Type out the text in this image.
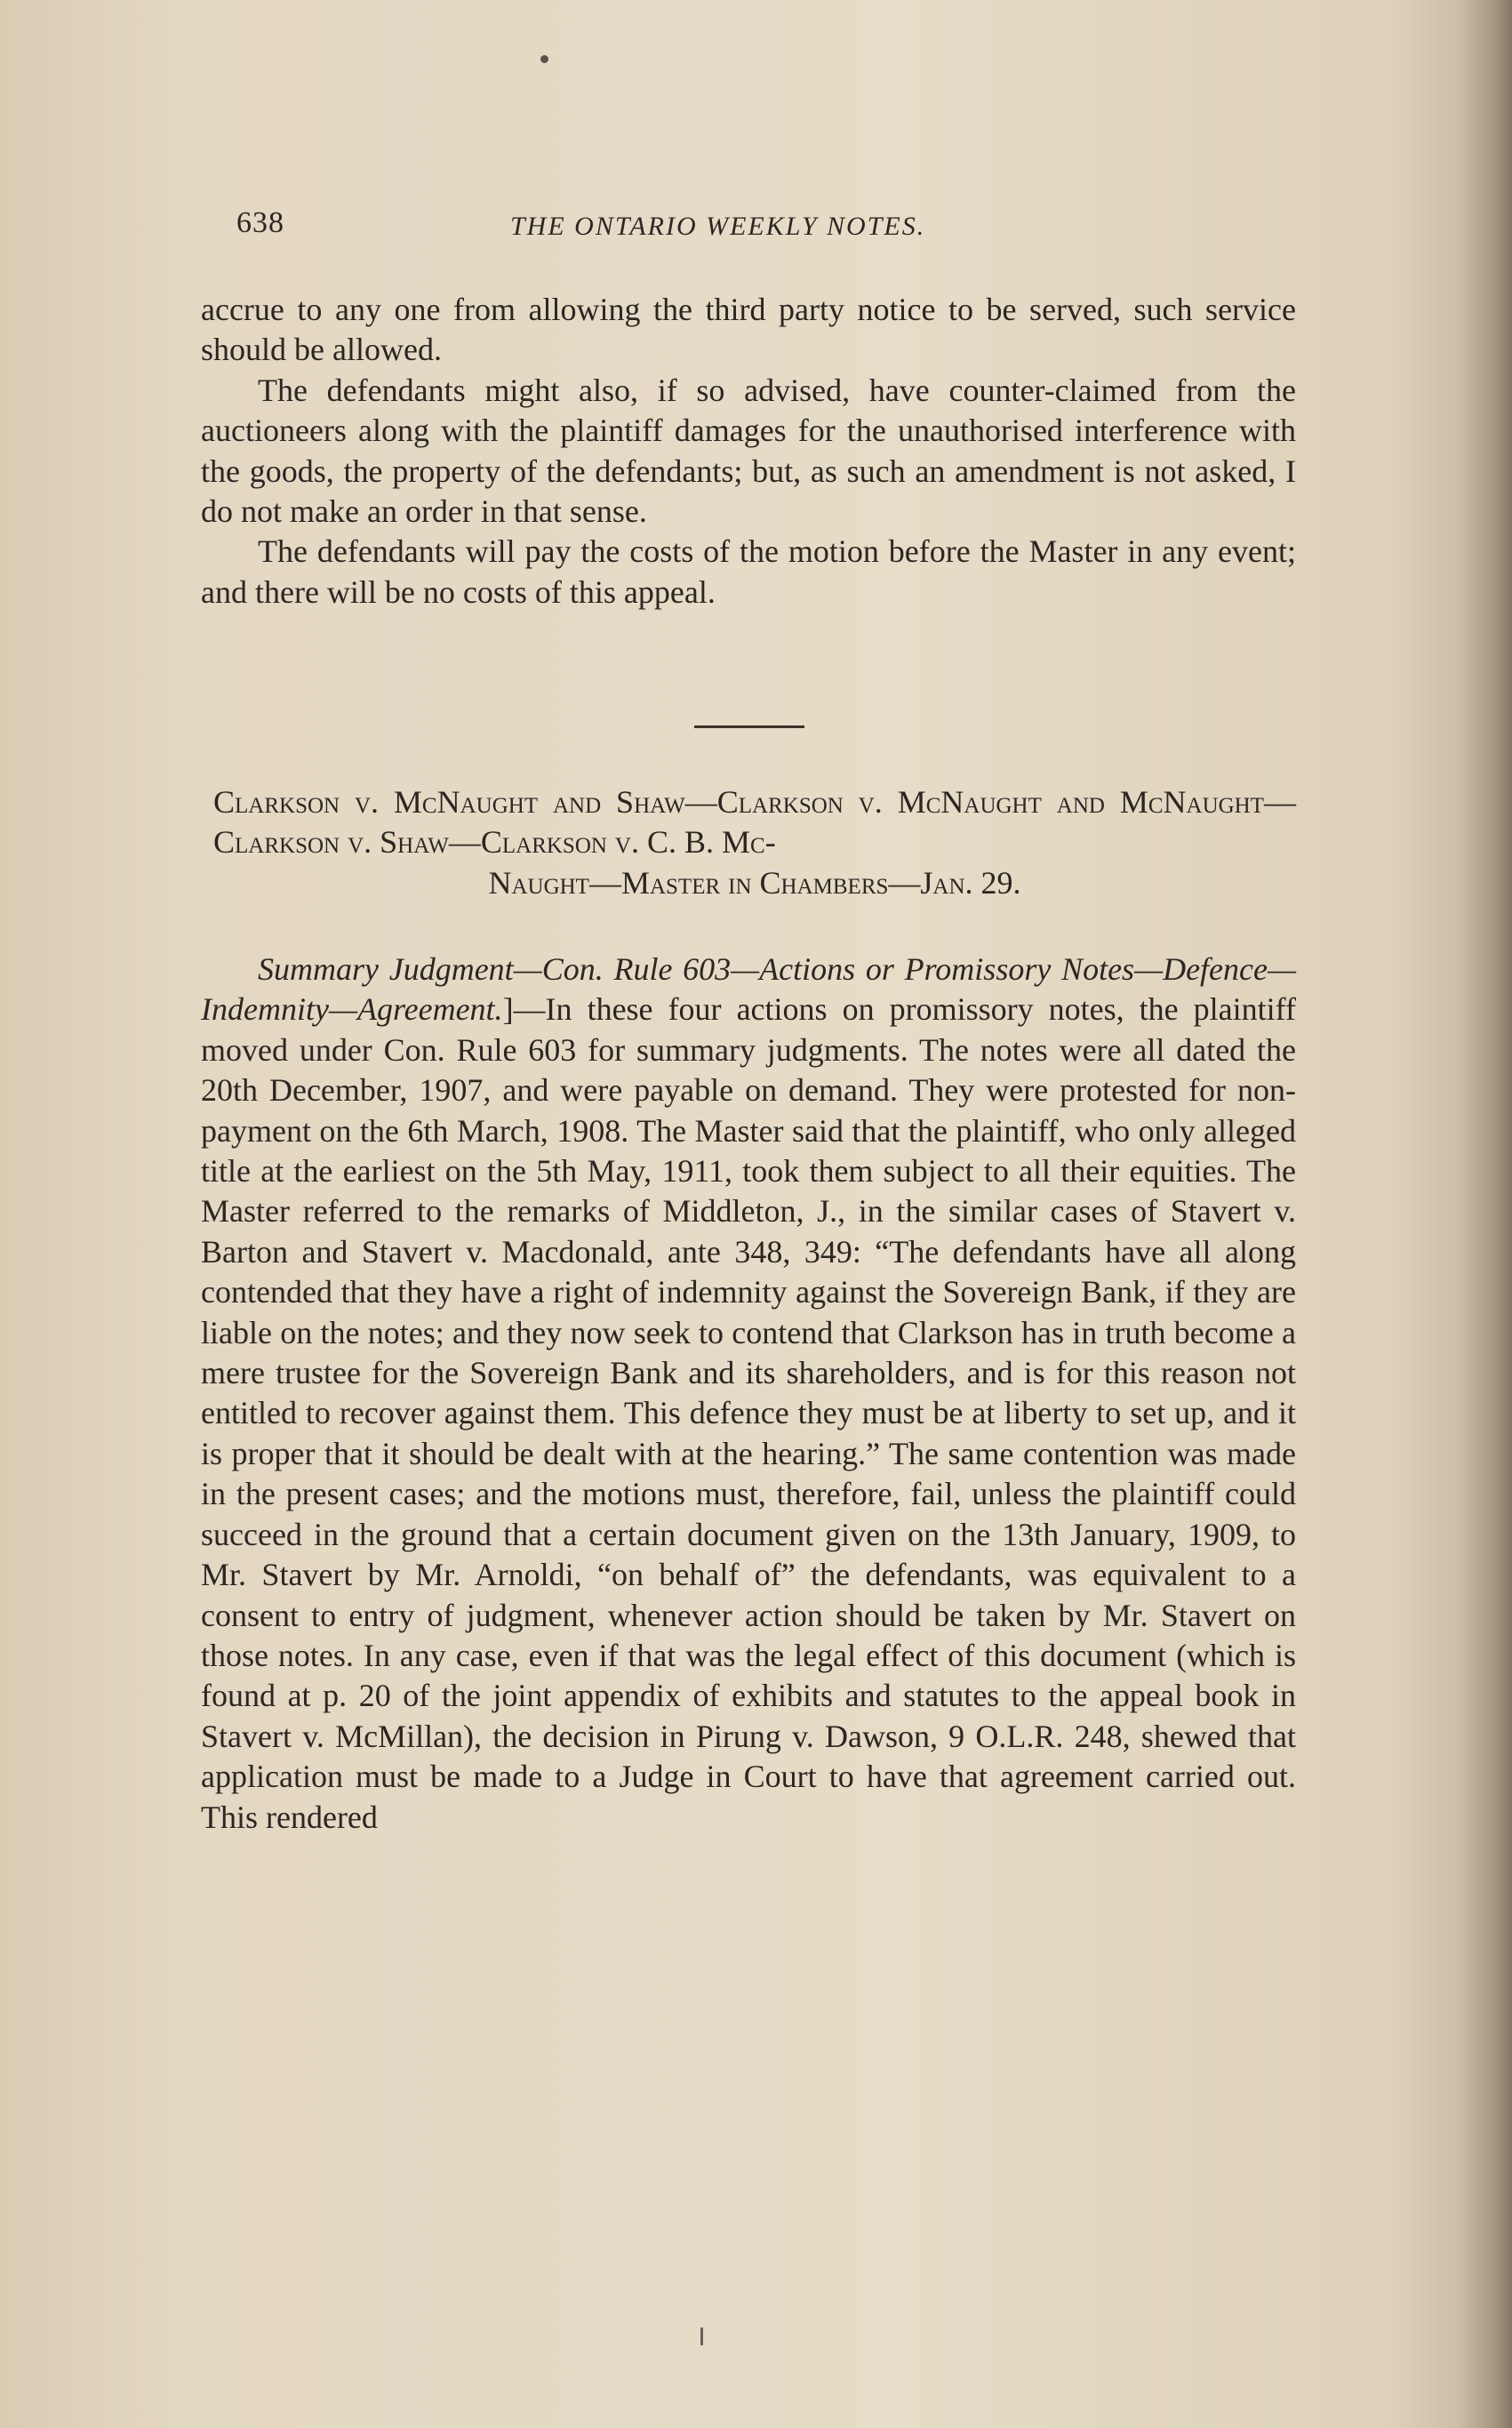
638	THE ONTARIO WEEKLY NOTES.

accrue to any one from allowing the third party notice to be served, such service should be allowed.

The defendants might also, if so advised, have counter-claimed from the auctioneers along with the plaintiff damages for the unauthorised interference with the goods, the property of the defendants; but, as such an amendment is not asked, I do not make an order in that sense.

The defendants will pay the costs of the motion before the Master in any event; and there will be no costs of this appeal.

Clarkson v. McNaught and Shaw—Clarkson v. McNaught and McNaught—Clarkson v. Shaw—Clarkson v. C. B. Mc-
Naught—Master in Chambers—Jan. 29.

Summary Judgment—Con. Rule 603—Actions or Promissory Notes—Defence—Indemnity—Agreement.]—In these four actions on promissory notes, the plaintiff moved under Con. Rule 603 for summary judgments. The notes were all dated the 20th December, 1907, and were payable on demand. They were protested for non-payment on the 6th March, 1908. The Master said that the plaintiff, who only alleged title at the earliest on the 5th May, 1911, took them subject to all their equities. The Master referred to the remarks of Middleton, J., in the similar cases of Stavert v. Barton and Stavert v. Macdonald, ante 348, 349: “The defendants have all along contended that they have a right of indemnity against the Sovereign Bank, if they are liable on the notes; and they now seek to contend that Clarkson has in truth become a mere trustee for the Sovereign Bank and its shareholders, and is for this reason not entitled to recover against them. This defence they must be at liberty to set up, and it is proper that it should be dealt with at the hearing.” The same contention was made in the present cases; and the motions must, therefore, fail, unless the plaintiff could succeed in the ground that a certain document given on the 13th January, 1909, to Mr. Stavert by Mr. Arnoldi, “on behalf of” the defendants, was equivalent to a consent to entry of judgment, whenever action should be taken by Mr. Stavert on those notes. In any case, even if that was the legal effect of this document (which is found at p. 20 of the joint appendix of exhibits and statutes to the appeal book in Stavert v. McMillan), the decision in Pirung v. Dawson, 9 O.L.R. 248, shewed that application must be made to a Judge in Court to have that agreement carried out. This rendered
